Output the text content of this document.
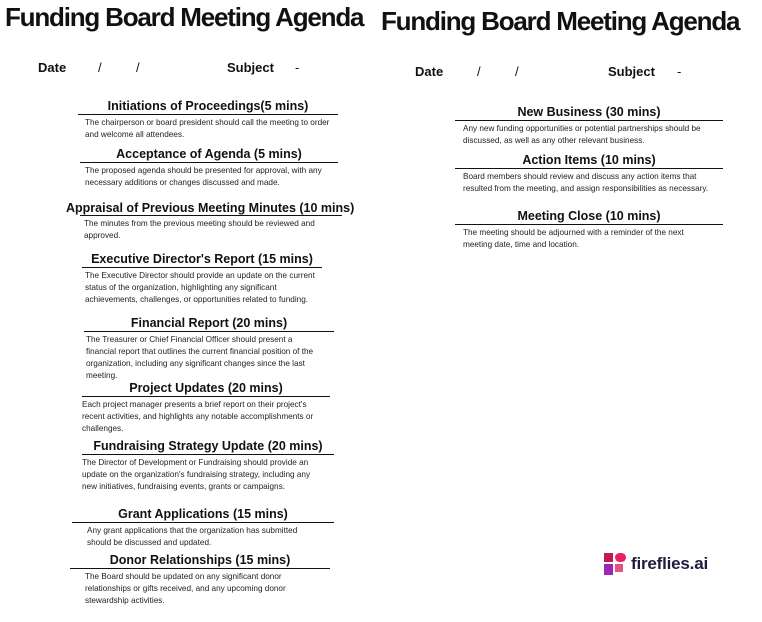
Funding Board Meeting Agenda
Date /	/	Subject -
Initiations of Proceedings(5 mins)

The chairperson or board president should call the meeting to order and welcome all attendees.

Acceptance of Agenda (5 mins)

The proposed agenda should be presented for approval, with any necessary additions or changes discussed and made.

Appraisal of Previous Meeting Minutes (10 mins)

The minutes from the previous meeting should be reviewed and approved.

Executive Director's Report (15 mins)

The Executive Director should provide an update on the current status of the organization, highlighting any significant achievements, challenges, or opportunities related to funding.

Financial Report (20 mins)

The Treasurer or Chief Financial Officer should present a financial report that outlines the current financial position of the organization, including any significant changes since the last meeting.

Project Updates (20 mins)

Each project manager presents a brief report on their project's recent activities, and highlights any notable accomplishments or challenges.

Fundraising Strategy Update (20 mins)

The Director of Development or Fundraising should provide an update on the organization's fundraising strategy, including any new initiatives, fundraising events, grants or campaigns.

Grant Applications (15 mins)

Any grant applications that the organization has submitted should be discussed and updated.

Donor Relationships (15 mins)

The Board should be updated on any significant donor relationships or gifts received, and any upcoming donor stewardship activities.

Funding Board Meeting Agenda
Date	/	/	Subject -
New Business (30 mins)

Any new funding opportunities or potential partnerships should be discussed, as well as any other relevant business.

Action Items (10 mins)

Board members should review and discuss any action items that resulted from the meeting, and assign responsibilities as necessary.

Meeting Close (10 mins)

The meeting should be adjourned with a reminder of the next meeting date, time and location.

fireflies.ai
